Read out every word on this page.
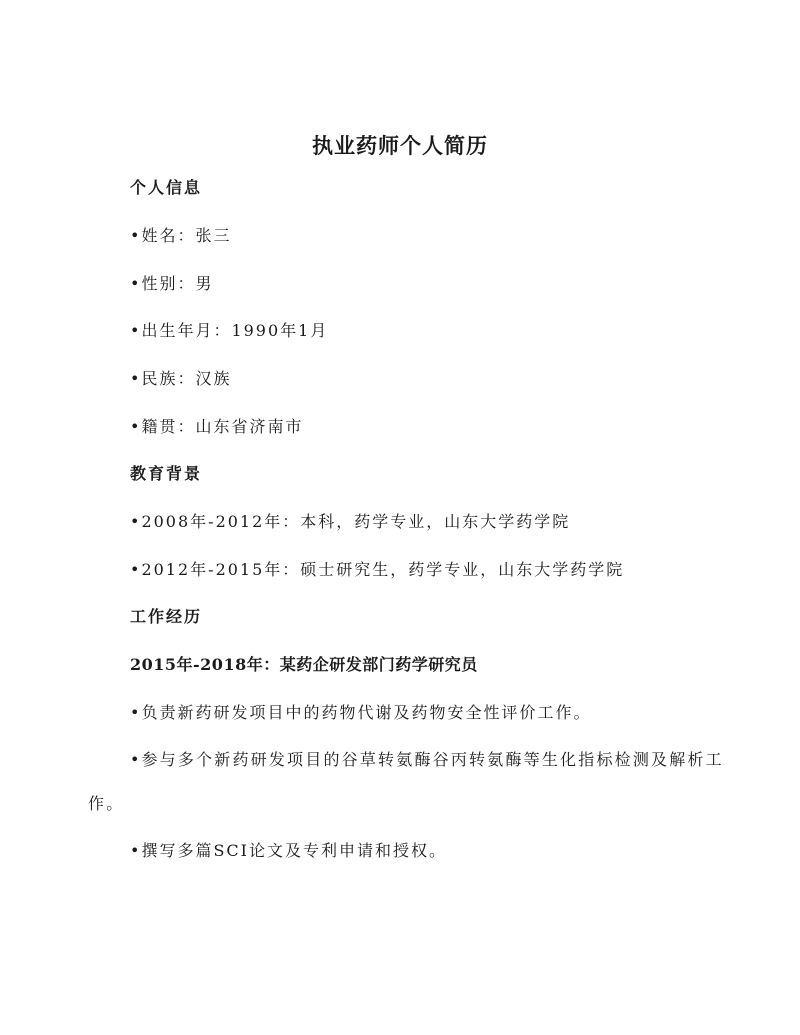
执业药师个人简历
个人信息
• 姓名：张三
• 性别：男
• 出生年月：1990年1月
• 民族：汉族
• 籍贯：山东省济南市
教育背景
• 2008年-2012年：本科，药学专业，山东大学药学院
• 2012年-2015年：硕士研究生，药学专业，山东大学药学院
工作经历
2015年-2018年：某药企研发部门药学研究员
• 负责新药研发项目中的药物代谢及药物安全性评价工作。
• 参与多个新药研发项目的谷草转氨酶谷丙转氨酶等生化指标检测及解析工作。
• 撰写多篇SCI论文及专利申请和授权。
